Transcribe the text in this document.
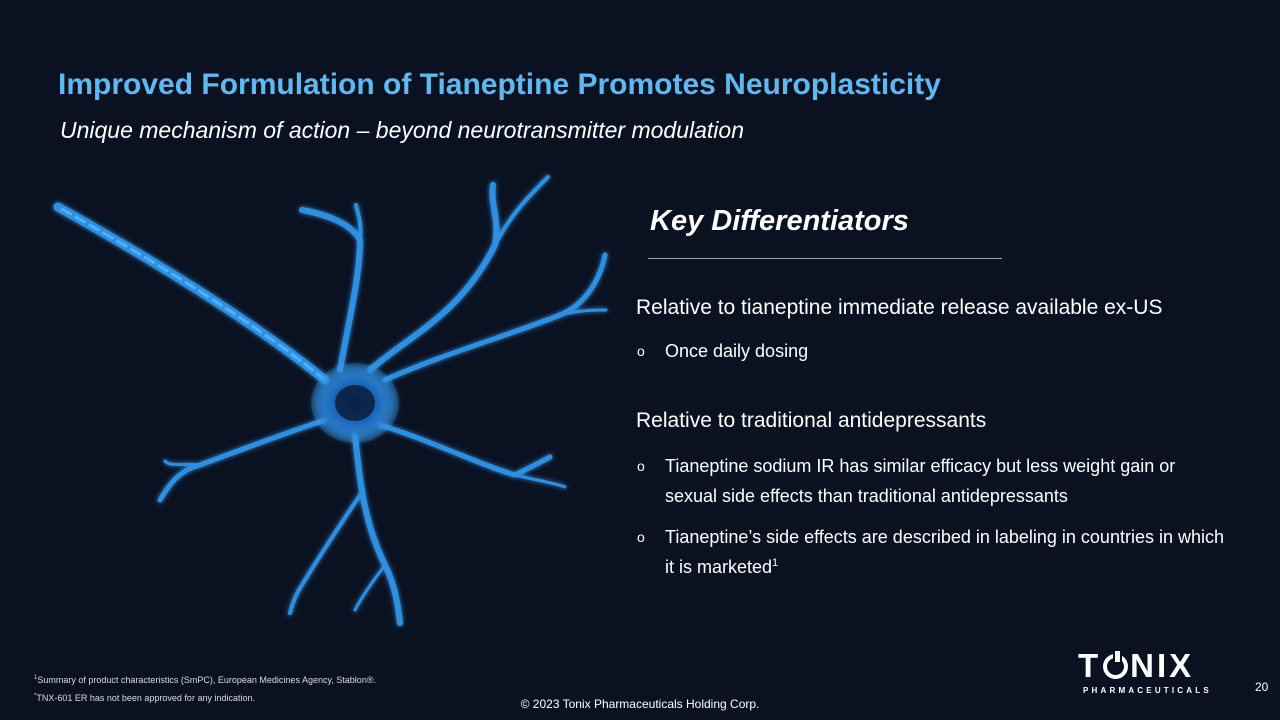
Improved Formulation of Tianeptine Promotes Neuroplasticity
Unique mechanism of action – beyond neurotransmitter modulation
Key Differentiators
Relative to tianeptine immediate release available ex-US
o Once daily dosing
Relative to traditional antidepressants
o Tianeptine sodium IR has similar efficacy but less weight gain or sexual side effects than traditional antidepressants
o Tianeptine’s side effects are described in labeling in countries in which it is marketed$^1$
$^1$Summary of product characteristics (SmPC), European Medicines Agency, Stablon®.
*TNX-601 ER has not been approved for any indication.	© 2023 Tonix Pharmaceuticals Holding Corp.
T NIX
PHARMACEUTICALS	20
